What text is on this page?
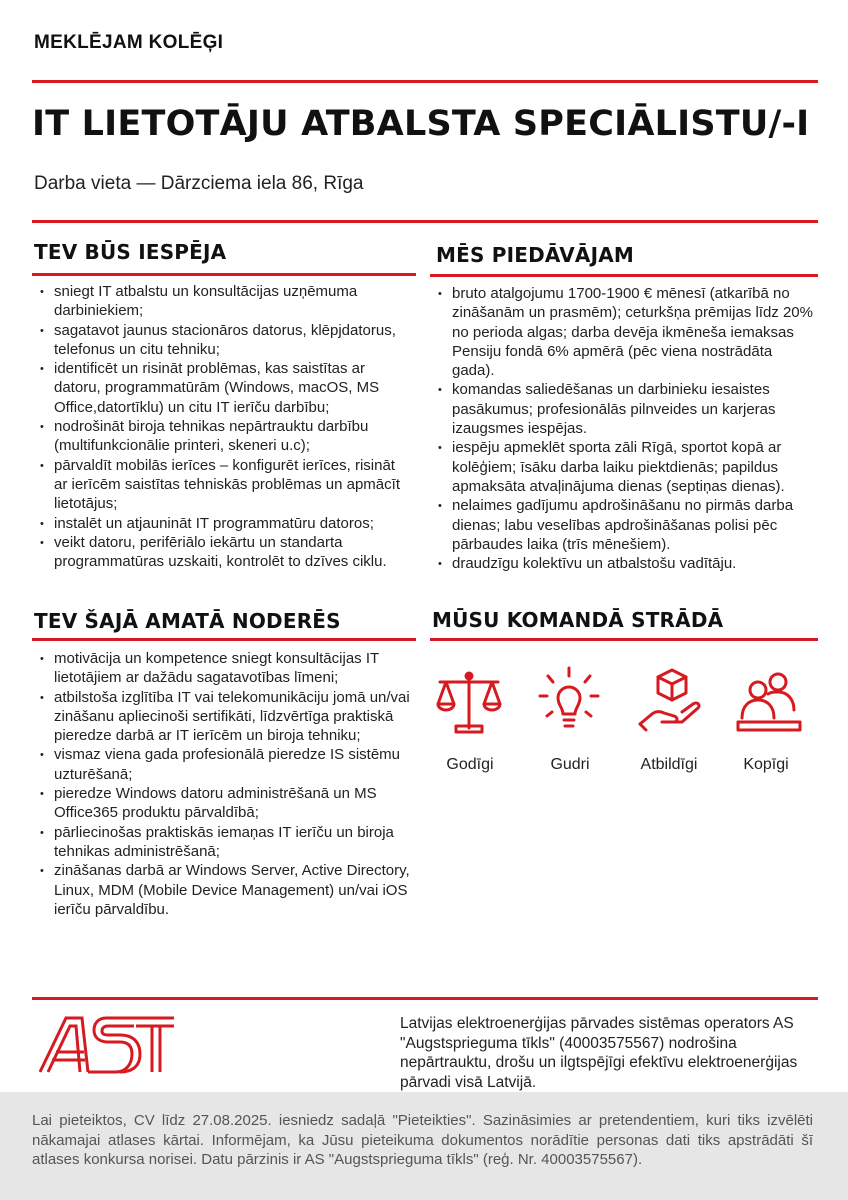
MEKLĒJAM KOLĒĢI
IT LIETOTĀJU ATBALSTA SPECIĀLISTU/-I
Darba vieta — Dārzciema iela 86, Rīga
TEV BŪS IESPĒJA
• sniegt IT atbalstu un konsultācijas uzņēmuma darbiniekiem;
• sagatavot jaunus stacionāros datorus, klēpjdatorus, telefonus un citu tehniku;
• identificēt un risināt problēmas, kas saistītas ar datoru, programmatūrām (Windows, macOS, MS Office,datortīklu) un citu IT ierīču darbību;
• nodrošināt biroja tehnikas nepārtrauktu darbību (multifunkcionālie printeri, skeneri u.c);
• pārvaldīt mobilās ierīces – konfigurēt ierīces, risināt ar ierīcēm saistītas tehniskās problēmas un apmācīt lietotājus;
• instalēt un atjaunināt IT programmatūru datoros;
• veikt datoru, perifēriālo iekārtu un standarta programmatūras uzskaiti, kontrolēt to dzīves ciklu.
MĒS PIEDĀVĀJAM
• bruto atalgojumu 1700-1900 € mēnesī (atkarībā no zināšanām un prasmēm); ceturkšņa prēmijas līdz 20% no perioda algas; darba devēja ikmēneša iemaksas Pensiju fondā 6% apmērā (pēc viena nostrādāta gada).
• komandas saliedēšanas un darbinieku iesaistes pasākumus; profesionālās pilnveides un karjeras izaugsmes iespējas.
• iespēju apmeklēt sporta zāli Rīgā, sportot kopā ar kolēģiem; īsāku darba laiku piektdienās; papildus apmaksāta atvaļinājuma dienas (septiņas dienas).
• nelaimes gadījumu apdrošināšanu no pirmās darba dienas; labu veselības apdrošināšanas polisi pēc pārbaudes laika (trīs mēnešiem).
• draudzīgu kolektīvu un atbalstošu vadītāju.
TEV ŠAJĀ AMATĀ NODERĒS
• motivācija un kompetence sniegt konsultācijas IT lietotājiem ar dažādu sagatavotības līmeni;
• atbilstoša izglītība IT vai telekomunikāciju jomā un/vai zināšanu apliecinoši sertifikāti, līdzvērtīga praktiskā pieredze darbā ar IT ierīcēm un biroja tehniku;
• vismaz viena gada profesionālā pieredze IS sistēmu uzturēšanā;
• pieredze Windows datoru administrēšanā un MS Office365 produktu pārvaldībā;
• pārliecinošas praktiskās iemaņas IT ierīču un biroja tehnikas administrēšanā;
• zināšanas darbā ar Windows Server, Active Directory, Linux, MDM (Mobile Device Management) un/vai iOS ierīču pārvaldību.
MŪSU KOMANDĀ STRĀDĀ
Godīgi	Gudri	Atbildīgi	Kopīgi
Latvijas elektroenerģijas pārvades sistēmas operators AS "Augstsprieguma tīkls" (40003575567) nodrošina nepārtrauktu, drošu un ilgtspējīgi efektīvu elektroenerģijas pārvadi visā Latvijā.
Lai pieteiktos, CV līdz 27.08.2025. iesniedz sadaļā "Pieteikties". Sazināsimies ar pretendentiem, kuri tiks izvēlēti nākamajai atlases kārtai. Informējam, ka Jūsu pieteikuma dokumentos norādītie personas dati tiks apstrādāti šī atlases konkursa norisei. Datu pārzinis ir AS "Augstsprieguma tīkls" (reģ. Nr. 40003575567).
